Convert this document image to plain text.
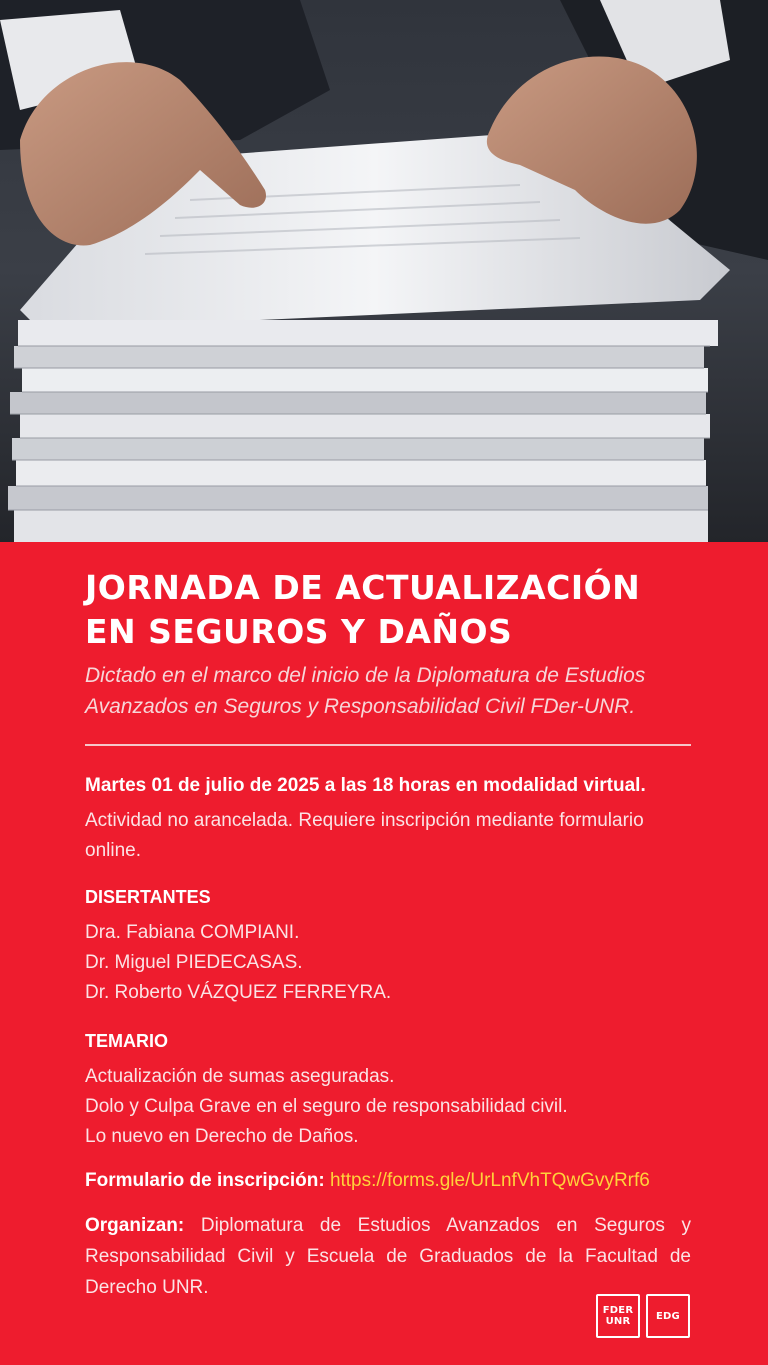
JORNADA DE ACTUALIZACIÓN
EN SEGUROS Y DAÑOS
Dictado en el marco del inicio de la Diplomatura de Estudios
Avanzados en Seguros y Responsabilidad Civil FDer-UNR.
Martes 01 de julio de 2025 a las 18 horas en modalidad virtual.
Actividad no arancelada. Requiere inscripción mediante formulario online.
DISERTANTES
Dra. Fabiana COMPIANI.
Dr. Miguel PIEDECASAS.
Dr. Roberto VÁZQUEZ FERREYRA.
TEMARIO
Actualización de sumas aseguradas.
Dolo y Culpa Grave en el seguro de responsabilidad civil.
Lo nuevo en Derecho de Daños.
Formulario de inscripción: https://forms.gle/UrLnfVhTQwGvyRrf6
Organizan: Diplomatura de Estudios Avanzados en Seguros y Responsabilidad Civil y Escuela de Graduados de la Facultad de Derecho UNR.
FDER
UNR	EDG
